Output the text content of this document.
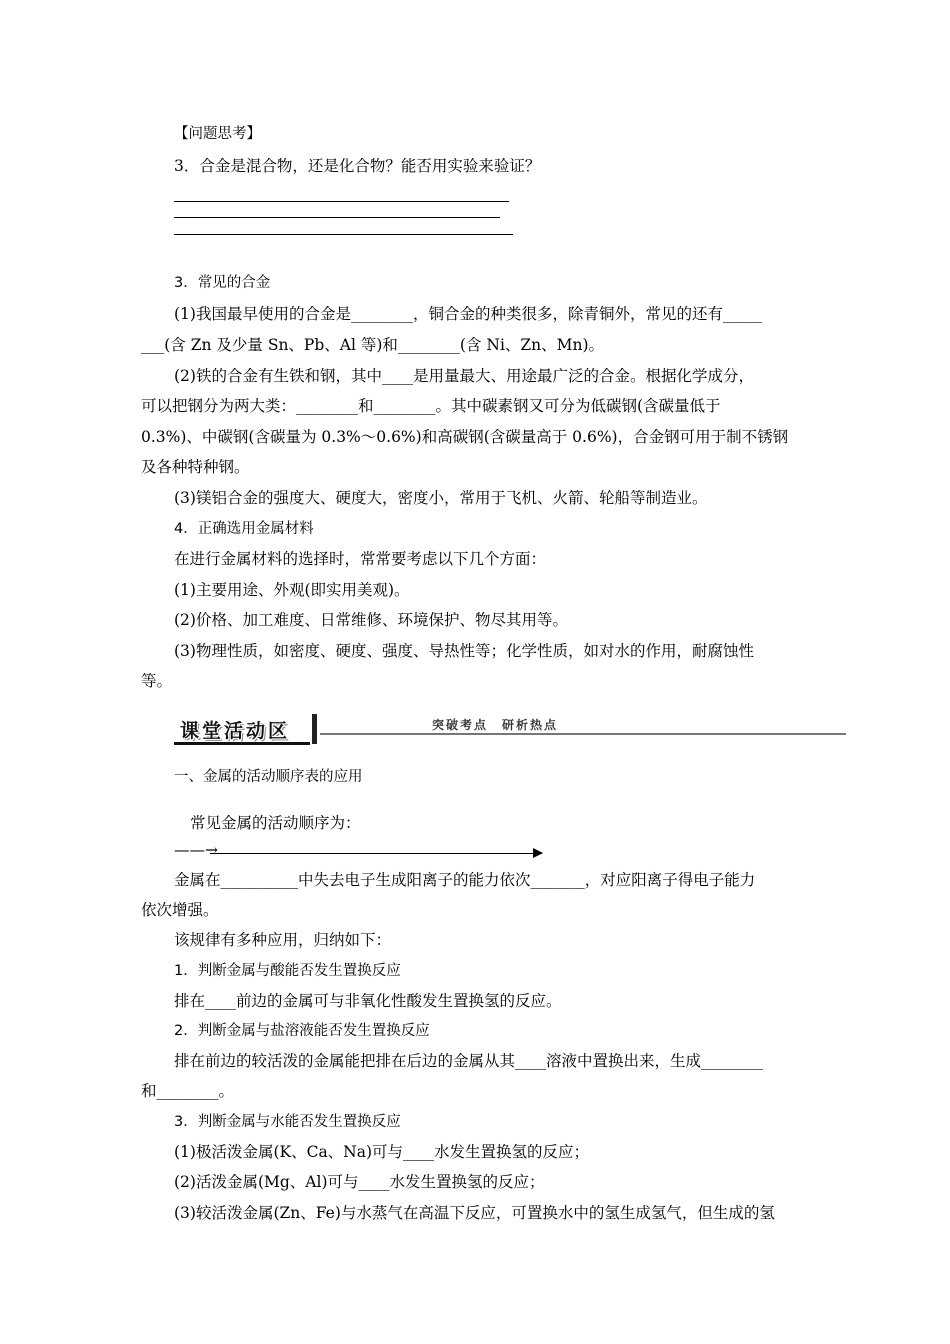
【问题思考】
3．合金是混合物，还是化合物？能否用实验来验证？
3．常见的合金
(1)我国最早使用的合金是________，铜合金的种类很多，除青铜外，常见的还有_____
___(含 Zn 及少量 Sn、Pb、Al 等)和________(含 Ni、Zn、Mn)。
(2)铁的合金有生铁和钢，其中____是用量最大、用途最广泛的合金。根据化学成分，
可以把钢分为两大类：________和________。其中碳素钢又可分为低碳钢(含碳量低于
0.3%)、中碳钢(含碳量为 0.3%～0.6%)和高碳钢(含碳量高于 0.6%)，合金钢可用于制不锈钢
及各种特种钢。
(3)镁铝合金的强度大、硬度大，密度小，常用于飞机、火箭、轮船等制造业。
4．正确选用金属材料
在进行金属材料的选择时，常常要考虑以下几个方面：
(1)主要用途、外观(即实用美观)。
(2)价格、加工难度、日常维修、环境保护、物尽其用等。
(3)物理性质，如密度、硬度、强度、导热性等；化学性质，如对水的作用，耐腐蚀性
等。
一、金属的活动顺序表的应用
常见金属的活动顺序为：
——→
金属在__________中失去电子生成阳离子的能力依次_______，对应阳离子得电子能力
依次增强。
该规律有多种应用，归纳如下：
1．判断金属与酸能否发生置换反应
排在____前边的金属可与非氧化性酸发生置换氢的反应。
2．判断金属与盐溶液能否发生置换反应
排在前边的较活泼的金属能把排在后边的金属从其____溶液中置换出来，生成________
和________。
3．判断金属与水能否发生置换反应
(1)极活泼金属(K、Ca、Na)可与____水发生置换氢的反应；
(2)活泼金属(Mg、Al)可与____水发生置换氢的反应；
(3)较活泼金属(Zn、Fe)与水蒸气在高温下反应，可置换水中的氢生成氢气，但生成的氢
课堂活动区	突破考点　研析热点
